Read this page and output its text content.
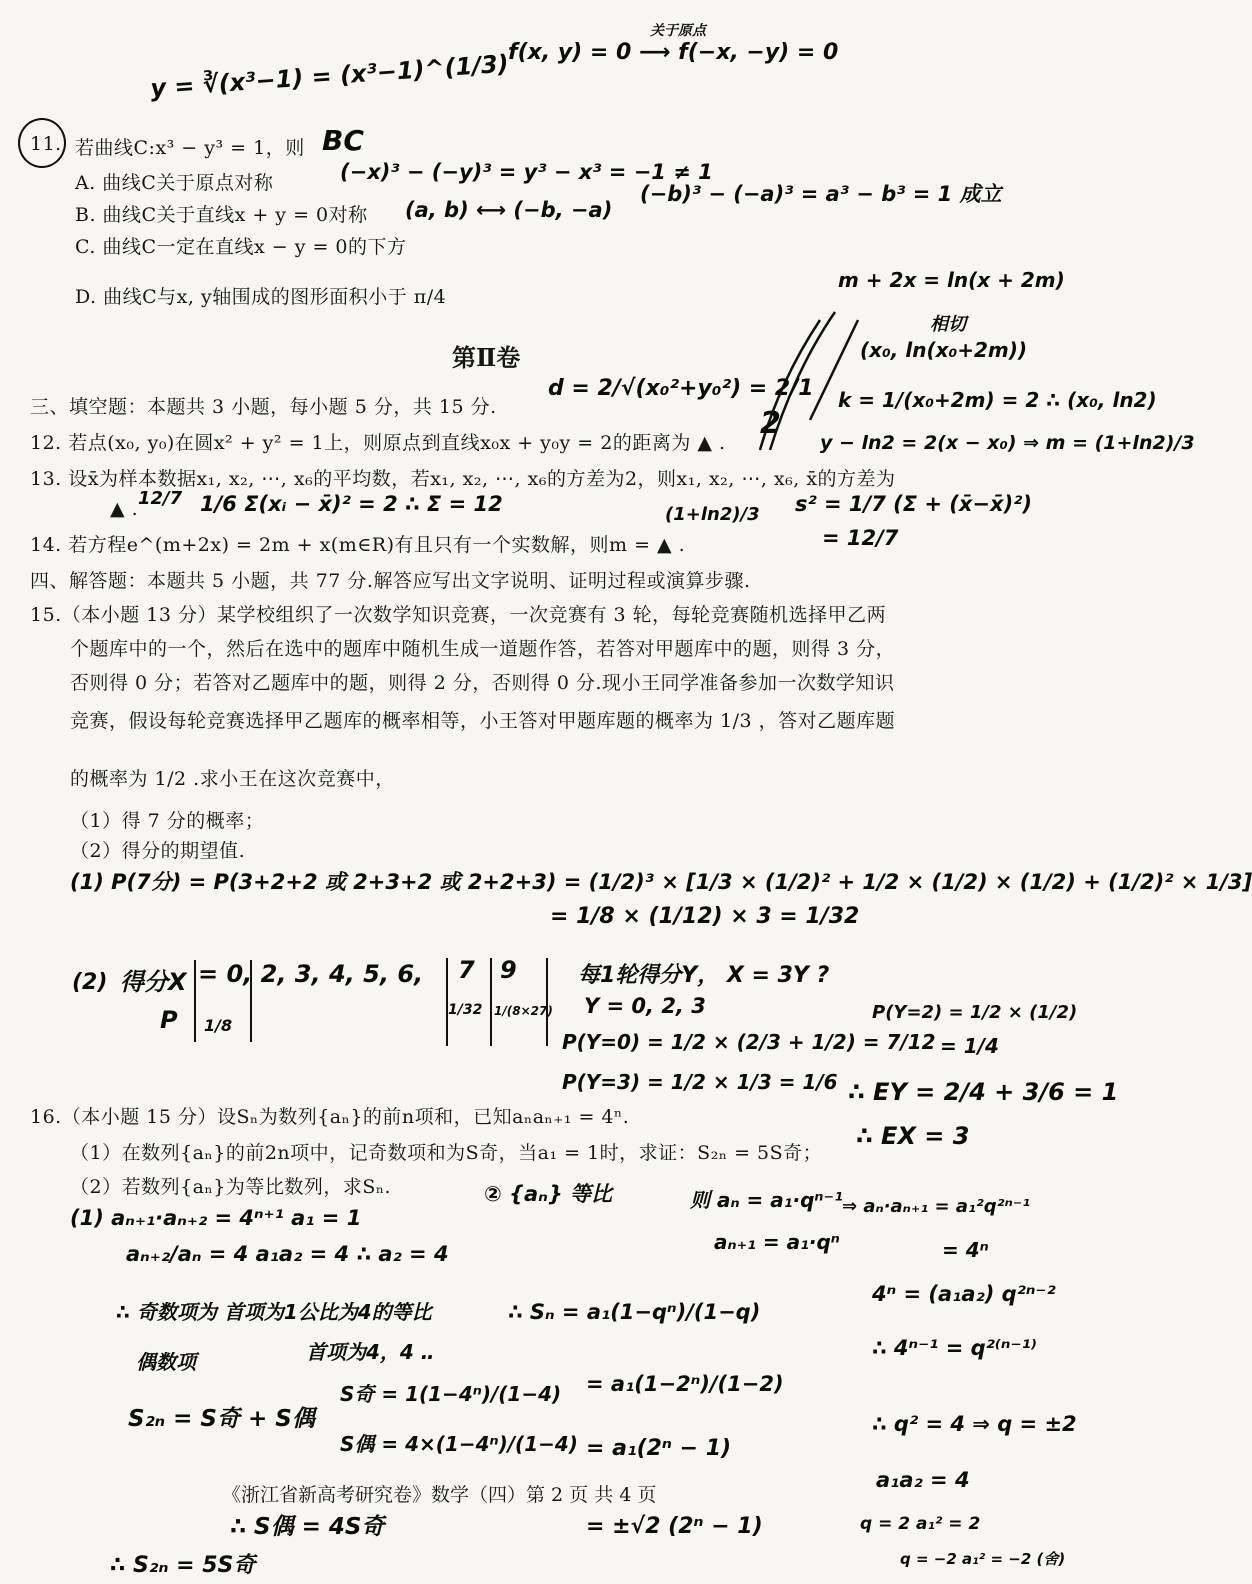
y = ∛(x³−1) = (x³−1)^(1/3)
f(x, y) = 0 ⟶ f(−x, −y) = 0
关于原点
11. 若曲线C:x³ − y³ = 1，则 BC
A. 曲线C关于原点对称
B. 曲线C关于直线x + y = 0对称
C. 曲线C一定在直线x − y = 0的下方
D. 曲线C与x, y轴围成的图形面积小于 π/4
(−x)³ − (−y)³ = y³ − x³ = −1 ≠ 1
(a, b) ⟷ (−b, −a)
(−b)³ − (−a)³ = a³ − b³ = 1 成立
m + 2x = ln(x + 2m)
相切
(x₀, ln(x₀+2m))
k = 1/(x₀+2m) = 2 ∴ (x₀, ln2)
y − ln2 = 2(x − x₀) ⇒ m = (1+ln2)/3
第Ⅱ卷
三、填空题：本题共 3 小题，每小题 5 分，共 15 分.
d = 2/√(x₀²+y₀²) = 2/1
12. 若点(x₀, y₀)在圆x² + y² = 1上，则原点到直线x₀x + y₀y = 2的距离为 ▲ .
2
13. 设x̄为样本数据x₁, x₂, ⋯, x₆的平均数，若x₁, x₂, ⋯, x₆的方差为2，则x₁, x₂, ⋯, x₆, x̄的方差为
▲ . 12/7 1/6 Σ(xᵢ − x̄)² = 2 ∴ Σ = 12	s² = 1/7 (Σ + (x̄−x̄)²)
= 12/7
14. 若方程e^(m+2x) = 2m + x(m∈R)有且只有一个实数解，则m = ▲ .
(1+ln2)/3
四、解答题：本题共 5 小题，共 77 分.解答应写出文字说明、证明过程或演算步骤.
15.（本小题 13 分）某学校组织了一次数学知识竞赛，一次竞赛有 3 轮，每轮竞赛随机选择甲乙两
个题库中的一个，然后在选中的题库中随机生成一道题作答，若答对甲题库中的题，则得 3 分，
否则得 0 分；若答对乙题库中的题，则得 2 分，否则得 0 分.现小王同学准备参加一次数学知识
竞赛，假设每轮竞赛选择甲乙题库的概率相等，小王答对甲题库题的概率为 1/3 ，答对乙题库题
的概率为 1/2 .求小王在这次竞赛中，
（1）得 7 分的概率；
（2）得分的期望值.
(1) P(7分) = P(3+2+2 或 2+3+2 或 2+2+3) = (1/2)³ × [1/3 × (1/2)² + 1/2 × (1/2) × (1/2) + (1/2)² × 1/3]
= 1/8 × (1/12) × 3 = 1/32
(2) 得分X
P
= 0, 2, 3, 4, 5, 6, 7 9
1/8
1/32 1/(8×27)
每1轮得分Y， X = 3Y ?
Y = 0, 2, 3
P(Y=0) = 1/2 × (2/3 + 1/2) = 7/12
P(Y=3) = 1/2 × 1/3 = 1/6
P(Y=2) = 1/2 × (1/2)
= 1/4
∴ EY = 2/4 + 3/6 = 1
∴ EX = 3
16.（本小题 15 分）设Sₙ为数列{aₙ}的前n项和，已知aₙaₙ₊₁ = 4ⁿ.
（1）在数列{aₙ}的前2n项中，记奇数项和为S奇，当a₁ = 1时，求证：S₂ₙ = 5S奇；
（2）若数列{aₙ}为等比数列，求Sₙ.
(1) aₙ₊₁·aₙ₊₂ = 4ⁿ⁺¹ a₁ = 1
aₙ₊₂/aₙ = 4 a₁a₂ = 4 ∴ a₂ = 4
∴ 奇数项为 首项为1公比为4的等比
偶数项	首项为4，4 ‥
S₂ₙ = S奇 + S偶
S奇 = 1(1−4ⁿ)/(1−4)
S偶 = 4×(1−4ⁿ)/(1−4)
∴ S偶 = 4S奇
∴ S₂ₙ = 5S奇
② {aₙ} 等比
∴ Sₙ = a₁(1−qⁿ)/(1−q)
= a₁(1−2ⁿ)/(1−2)
= a₁(2ⁿ − 1)
= ±√2 (2ⁿ − 1)
则 aₙ = a₁·qⁿ⁻¹
aₙ₊₁ = a₁·qⁿ
⇒ aₙ·aₙ₊₁ = a₁²q²ⁿ⁻¹
= 4ⁿ
4ⁿ = (a₁a₂) q²ⁿ⁻²
∴ 4ⁿ⁻¹ = q²⁽ⁿ⁻¹⁾
∴ q² = 4 ⇒ q = ±2
a₁a₂ = 4
q = 2 a₁² = 2
q = −2 a₁² = −2 (舍)
《浙江省新高考研究卷》数学（四）第 2 页 共 4 页
